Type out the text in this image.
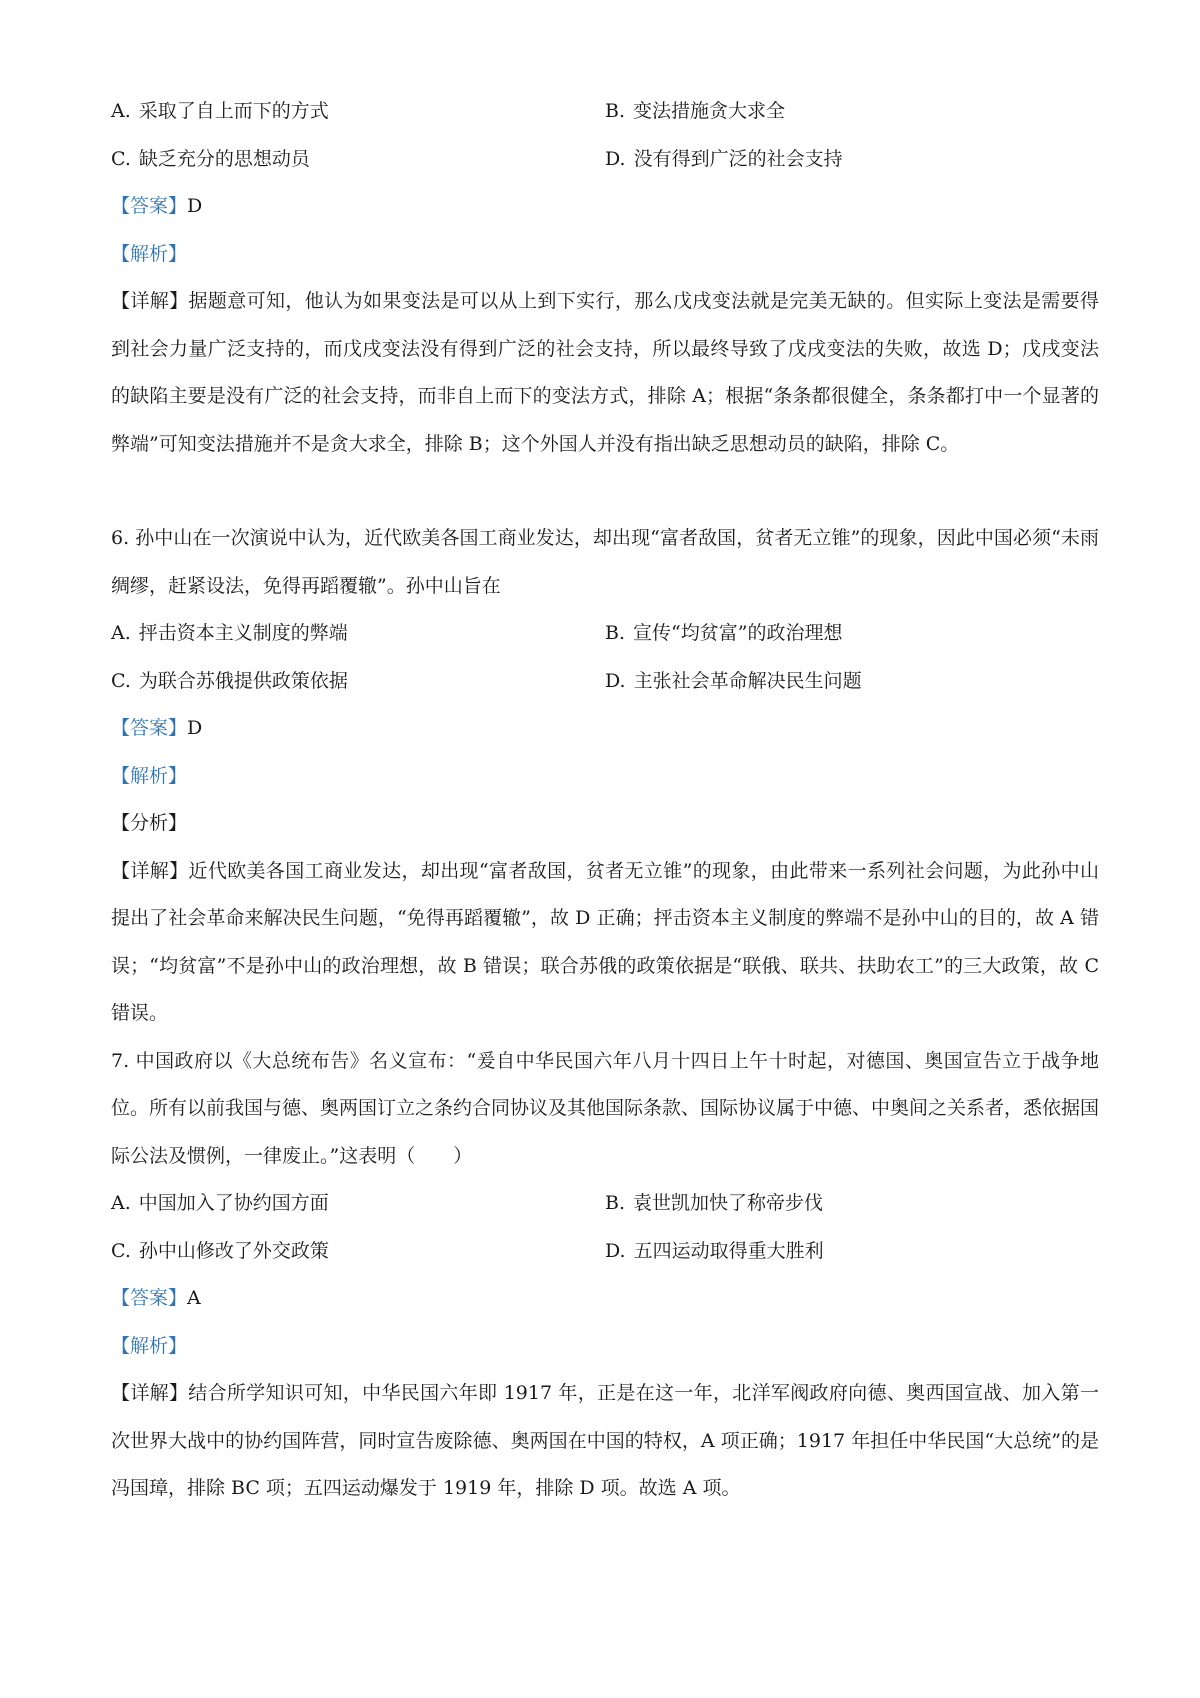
A. 采取了自上而下的方式	B. 变法措施贪大求全
C. 缺乏充分的思想动员	D. 没有得到广泛的社会支持
【答案】D
【解析】
【详解】据题意可知，他认为如果变法是可以从上到下实行，那么戊戌变法就是完美无缺的。但实际上变法是需要得到社会力量广泛支持的，而戊戌变法没有得到广泛的社会支持，所以最终导致了戊戌变法的失败，故选 D；戊戌变法的缺陷主要是没有广泛的社会支持，而非自上而下的变法方式，排除 A；根据“条条都很健全，条条都打中一个显著的弊端”可知变法措施并不是贪大求全，排除 B；这个外国人并没有指出缺乏思想动员的缺陷，排除 C。
6. 孙中山在一次演说中认为，近代欧美各国工商业发达，却出现“富者敌国，贫者无立锥”的现象，因此中国必须“未雨绸缪，赶紧设法，免得再蹈覆辙”。孙中山旨在
A. 抨击资本主义制度的弊端	B. 宣传“均贫富”的政治理想
C. 为联合苏俄提供政策依据	D. 主张社会革命解决民生问题
【答案】D
【解析】
【分析】
【详解】近代欧美各国工商业发达，却出现“富者敌国，贫者无立锥”的现象，由此带来一系列社会问题，为此孙中山提出了社会革命来解决民生问题，“免得再蹈覆辙”，故 D 正确；抨击资本主义制度的弊端不是孙中山的目的，故 A 错误；“均贫富”不是孙中山的政治理想，故 B 错误；联合苏俄的政策依据是“联俄、联共、扶助农工”的三大政策，故 C 错误。
7. 中国政府以《大总统布告》名义宣布：“爰自中华民国六年八月十四日上午十时起，对德国、奥国宣告立于战争地位。所有以前我国与德、奥两国订立之条约合同协议及其他国际条款、国际协议属于中德、中奥间之关系者，悉依据国际公法及惯例，一律废止。”这表明（　　）
A. 中国加入了协约国方面	B. 袁世凯加快了称帝步伐
C. 孙中山修改了外交政策	D. 五四运动取得重大胜利
【答案】A
【解析】
【详解】结合所学知识可知，中华民国六年即 1917 年，正是在这一年，北洋军阀政府向德、奥西国宣战、加入第一次世界大战中的协约国阵营，同时宣告废除德、奥两国在中国的特权，A 项正确；1917 年担任中华民国“大总统”的是冯国璋，排除 BC 项；五四运动爆发于 1919 年，排除 D 项。故选 A 项。
